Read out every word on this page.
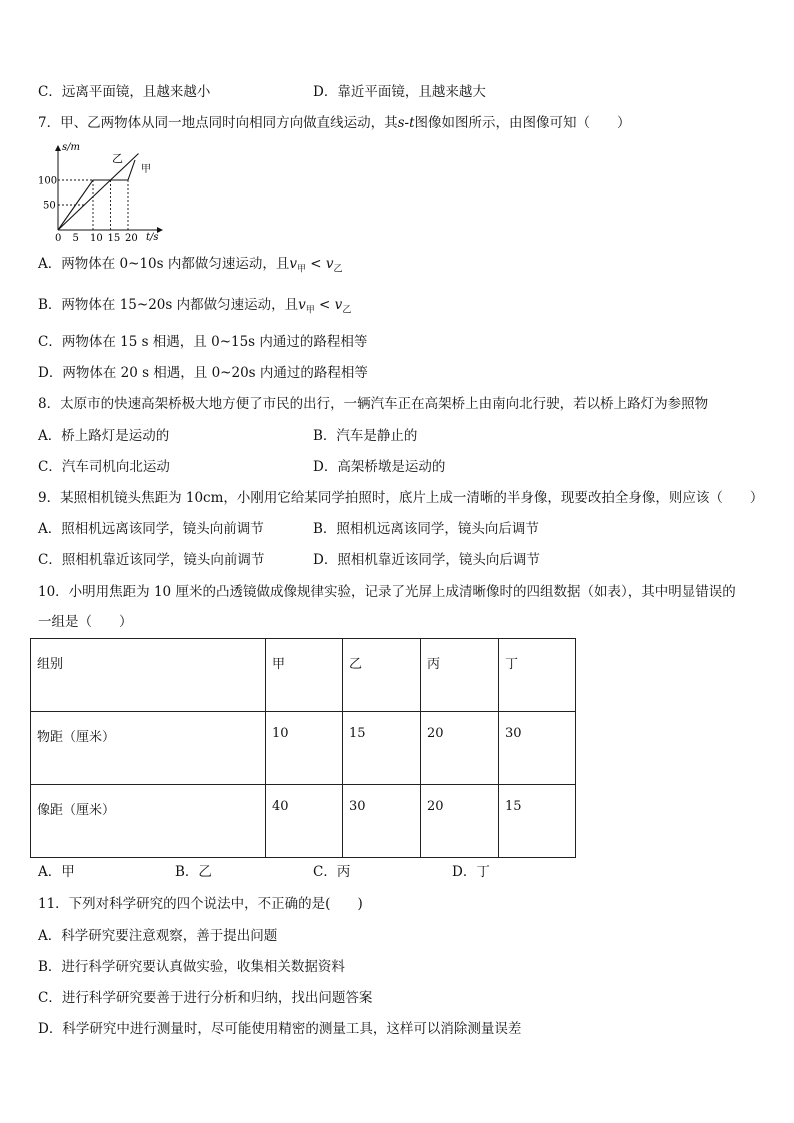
C．远离平面镜，且越来越小	D．靠近平面镜，且越来越大
7．甲、乙两物体从同一地点同时向相同方向做直线运动，其s-t图像如图所示，由图像可知（　　）
0 5 10 15 20
100
50
s/m
t/s
甲
乙
A．两物体在 0~10s 内都做匀速运动，且$v_甲 < v_乙$
B．两物体在 15~20s 内都做匀速运动，且$v_甲 < v_乙$
C．两物体在 15 s 相遇，且 0~15s 内通过的路程相等
D．两物体在 20 s 相遇，且 0~20s 内通过的路程相等
8．太原市的快速高架桥极大地方便了市民的出行，一辆汽车正在高架桥上由南向北行驶，若以桥上路灯为参照物
A．桥上路灯是运动的	B．汽车是静止的
C．汽车司机向北运动	D．高架桥墩是运动的
9．某照相机镜头焦距为 10cm，小刚用它给某同学拍照时，底片上成一清晰的半身像，现要改拍全身像，则应该（　　）
A．照相机远离该同学，镜头向前调节	B．照相机远离该同学，镜头向后调节
C．照相机靠近该同学，镜头向前调节	D．照相机靠近该同学，镜头向后调节
10．小明用焦距为 10 厘米的凸透镜做成像规律实验，记录了光屏上成清晰像时的四组数据（如表），其中明显错误的
一组是（　　）
组别	甲	乙	丙	丁
物距（厘米）	10	15	20	30
像距（厘米）	40	30	20	15
A．甲	B．乙	C．丙	D．丁
11．下列对科学研究的四个说法中，不正确的是(　　)
A．科学研究要注意观察，善于提出问题
B．进行科学研究要认真做实验，收集相关数据资料
C．进行科学研究要善于进行分析和归纳，找出问题答案
D．科学研究中进行测量时，尽可能使用精密的测量工具，这样可以消除测量误差
